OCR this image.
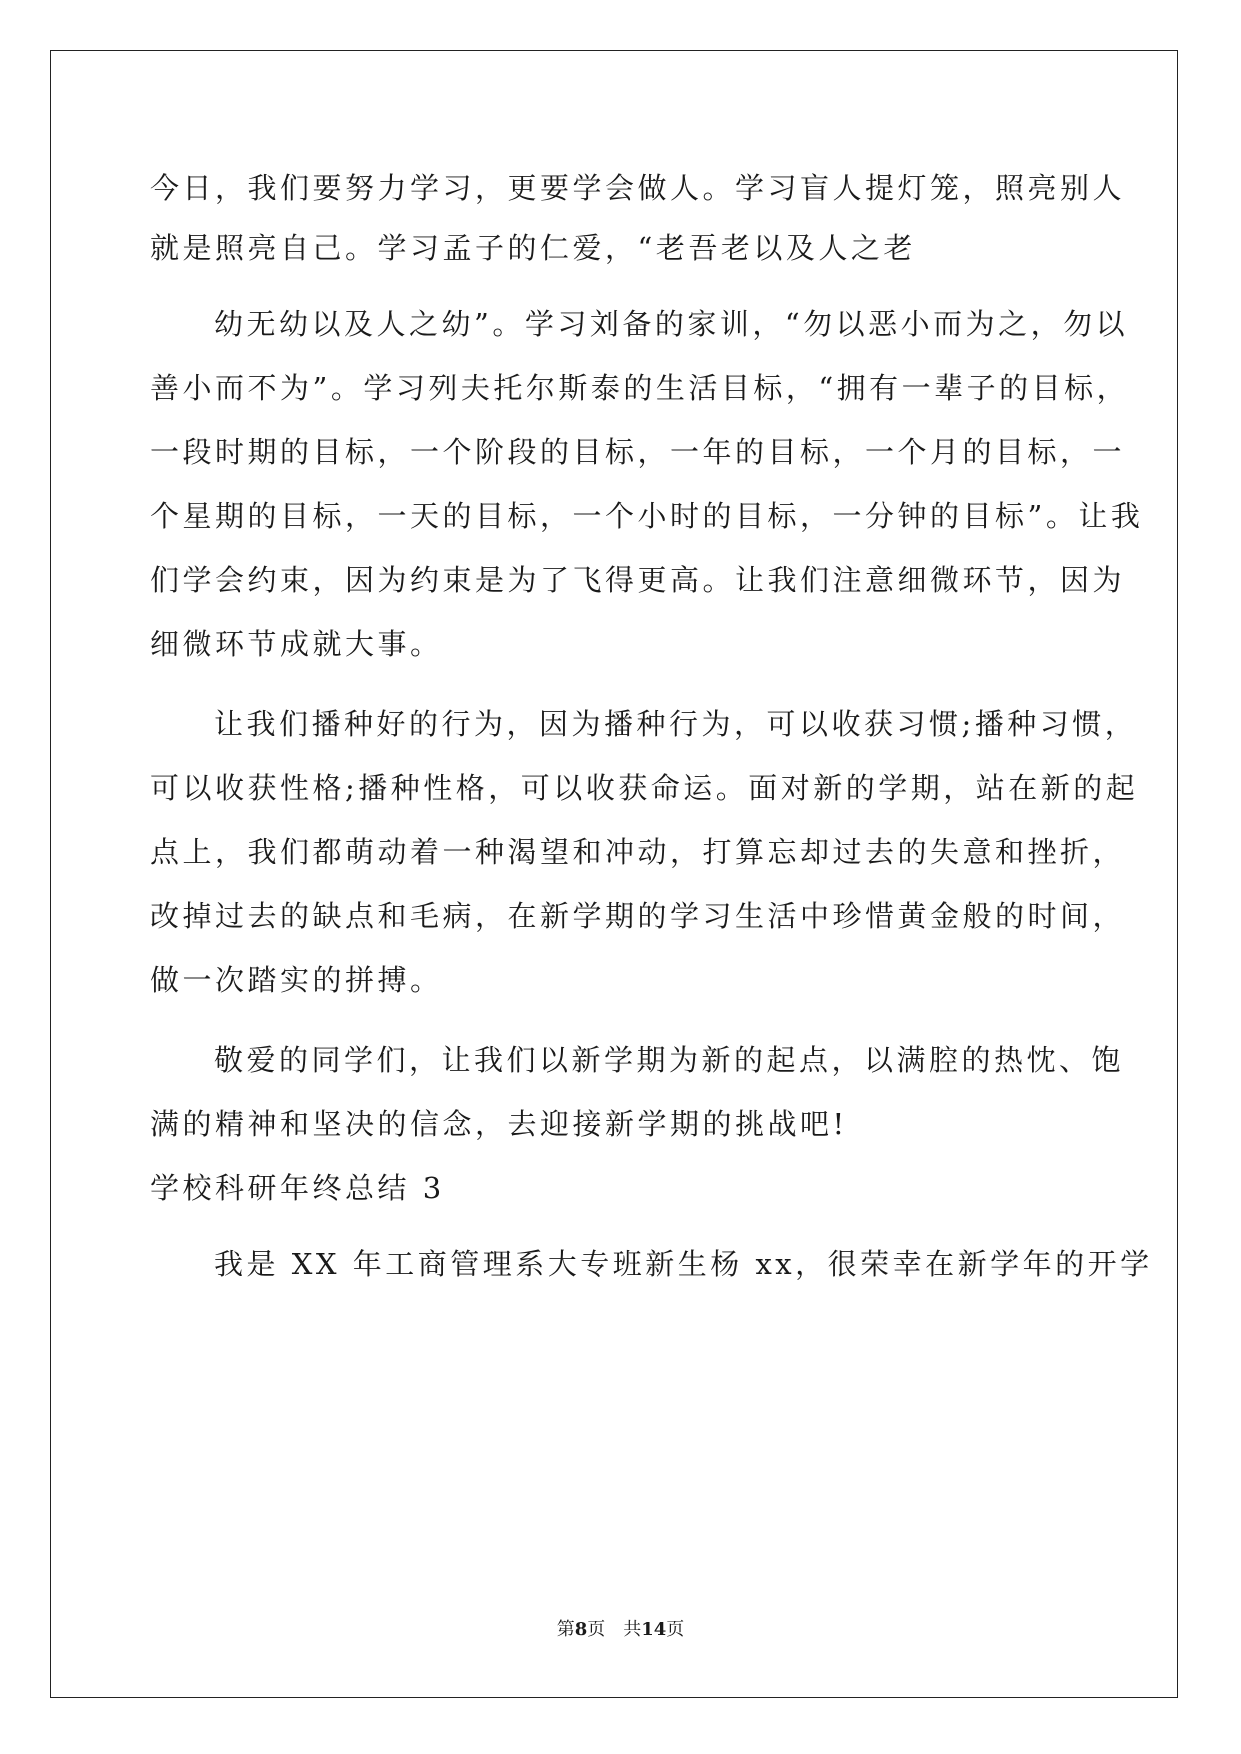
今日，我们要努力学习，更要学会做人。学习盲人提灯笼，照亮别人
就是照亮自己。学习孟子的仁爱，“老吾老以及人之老
幼无幼以及人之幼”。学习刘备的家训，“勿以恶小而为之，勿以
善小而不为”。学习列夫托尔斯泰的生活目标，“拥有一辈子的目标，
一段时期的目标，一个阶段的目标，一年的目标，一个月的目标，一
个星期的目标，一天的目标，一个小时的目标，一分钟的目标”。让我
们学会约束，因为约束是为了飞得更高。让我们注意细微环节，因为
细微环节成就大事。
让我们播种好的行为，因为播种行为，可以收获习惯;播种习惯，
可以收获性格;播种性格，可以收获命运。面对新的学期，站在新的起
点上，我们都萌动着一种渴望和冲动，打算忘却过去的失意和挫折，
改掉过去的缺点和毛病，在新学期的学习生活中珍惜黄金般的时间，
做一次踏实的拼搏。
敬爱的同学们，让我们以新学期为新的起点，以满腔的热忱、饱
满的精神和坚决的信念，去迎接新学期的挑战吧!
学校科研年终总结 3
我是 XX 年工商管理系大专班新生杨 xx，很荣幸在新学年的开学
第8页　共14页
